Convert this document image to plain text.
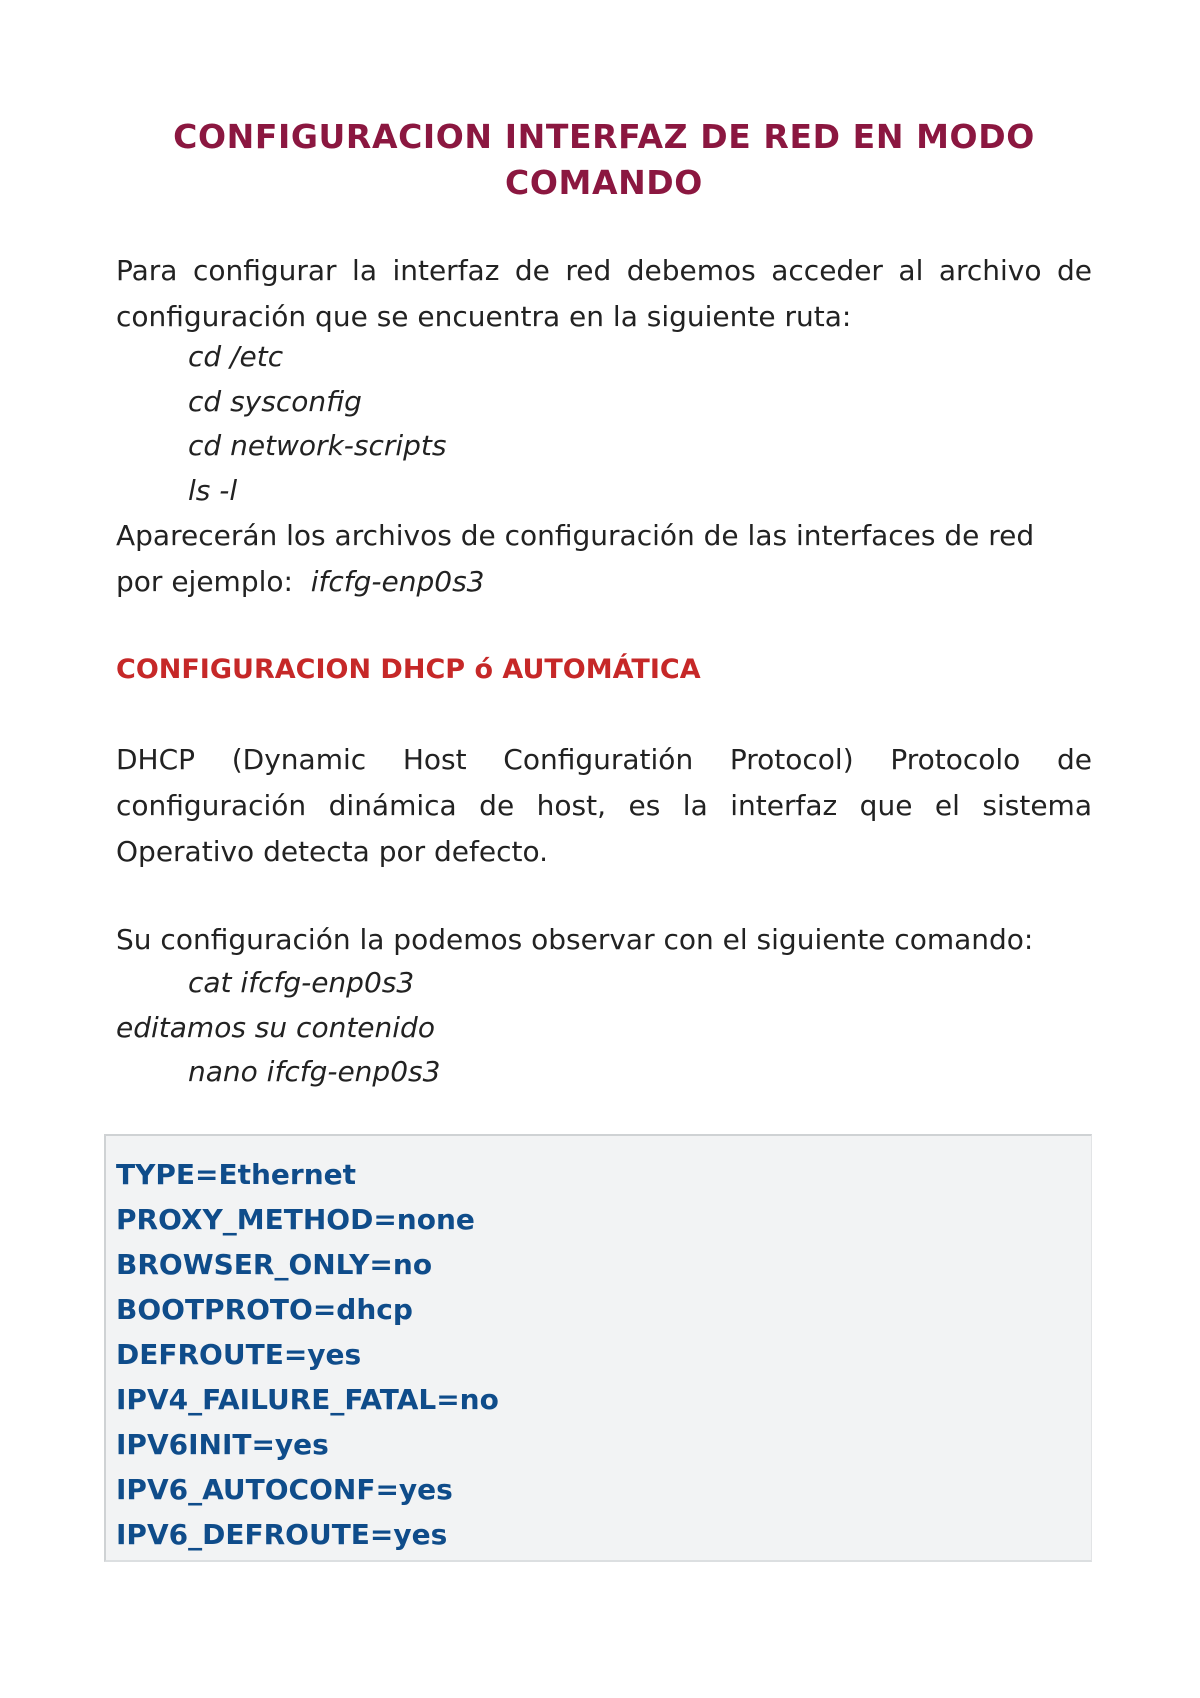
CONFIGURACION INTERFAZ DE RED EN MODO COMANDO
Para configurar la interfaz de red debemos acceder al archivo de
configuración que se encuentra en la siguiente ruta:
cd /etc
cd sysconfig
cd network-scripts
ls -l
Aparecerán los archivos de configuración de las interfaces de red
por ejemplo: ifcfg-enp0s3
CONFIGURACION DHCP ó AUTOMÁTICA
DHCP (Dynamic Host Configuratión Protocol) Protocolo de
configuración dinámica de host, es la interfaz que el sistema
Operativo detecta por defecto.
Su configuración la podemos observar con el siguiente comando:
cat ifcfg-enp0s3
editamos su contenido
nano ifcfg-enp0s3
TYPE=Ethernet
PROXY_METHOD=none
BROWSER_ONLY=no
BOOTPROTO=dhcp
DEFROUTE=yes
IPV4_FAILURE_FATAL=no
IPV6INIT=yes
IPV6_AUTOCONF=yes
IPV6_DEFROUTE=yes
